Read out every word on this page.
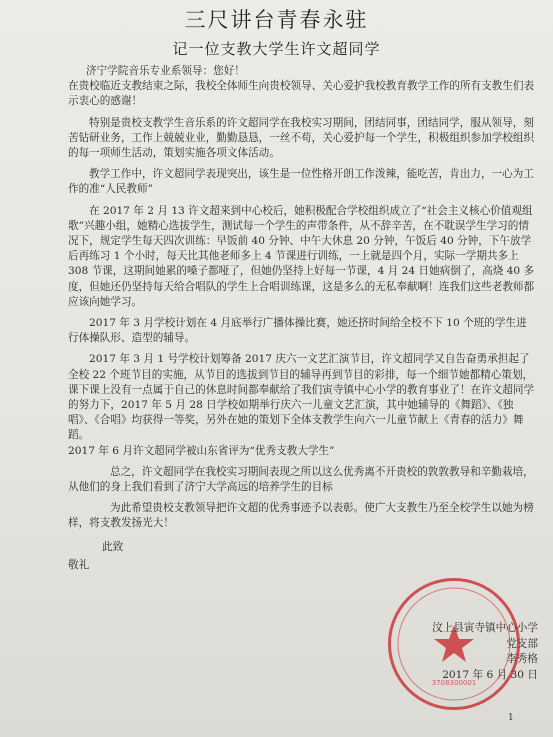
三尺讲台青春永驻
记一位支教大学生许文超同学

济宁学院音乐专业系领导：您好！

在贵校临近支教结束之际，我校全体师生向贵校领导、关心爱护我校教育教学工作的所有支教生们表示衷心的感谢！

特别是贵校支教学生音乐系的许文超同学在我校实习期间，团结同事，团结同学，服从领导，刻苦钻研业务，工作上兢兢业业，勤勤恳恳，一丝不苟，关心爱护每一个学生，积极组织参加学校组织的每一项师生活动，策划实施各项文体活动。

教学工作中，许文超同学表现突出，该生是一位性格开朗工作泼辣，能吃苦，肯出力，一心为工作的准“人民教师”

在 2017 年 2 月 13 许文超来到中心校后，她积极配合学校组织成立了“社会主义核心价值观组歌”兴趣小组，她精心选拔学生，测试每一个学生的声带条件，从不辞辛苦，在不耽误学生学习的情况下，规定学生每天四次训练：早饭前 40 分钟、中午大休息 20 分钟，午饭后 40 分钟，下午放学后再练习 1 个小时，每天比其他老师多上 4 节课进行训练，一上就是四个月，实际一学期共多上 308 节课，这期间她累的嗓子都哑了，但她仍坚持上好每一节课，4 月 24 日她病倒了，高烧 40 多度，但她还仍坚持每天给合唱队的学生上合唱训练课，这是多么的无私奉献啊！连我们这些老教师都应该向她学习。

2017 年 3 月学校计划在 4 月底举行广播体操比赛，她还挤时间给全校不下 10 个班的学生进行体操队形、造型的辅导。

2017 年 3 月 1 号学校计划筹备 2017 庆六一文艺汇演节目，许文超同学又自告奋勇承担起了全校 22 个班节目的实施，从节目的选拔到节目的辅导再到节目的彩排，每一个细节她都精心策划，课下课上没有一点属于自己的休息时间都奉献给了我们寅寺镇中心小学的教育事业了！在许文超同学的努力下，2017 年 5 月 28 日学校如期举行庆六一儿童文艺汇演，其中她辅导的《舞蹈》、《独唱》、《合唱》均获得一等奖，另外在她的策划下全体支教学生向六一儿童节献上《青春的活力》舞蹈。

2017 年 6 月许文超同学被山东省评为“优秀支教大学生”

总之，许文超同学在我校实习期间表现之所以这么优秀离不开贵校的敦敦教导和辛勤栽培，从他们的身上我们看到了济宁大学高远的培养学生的目标

为此希望贵校支教领导把许文超的优秀事迹予以表彰。使广大支教生乃至全校学生以她为榜样，将支教发扬光大！

此致

敬礼

3708300001
汶上县寅寺镇中心小学
党支部
李秀格
2017 年 6 月 30 日
1
